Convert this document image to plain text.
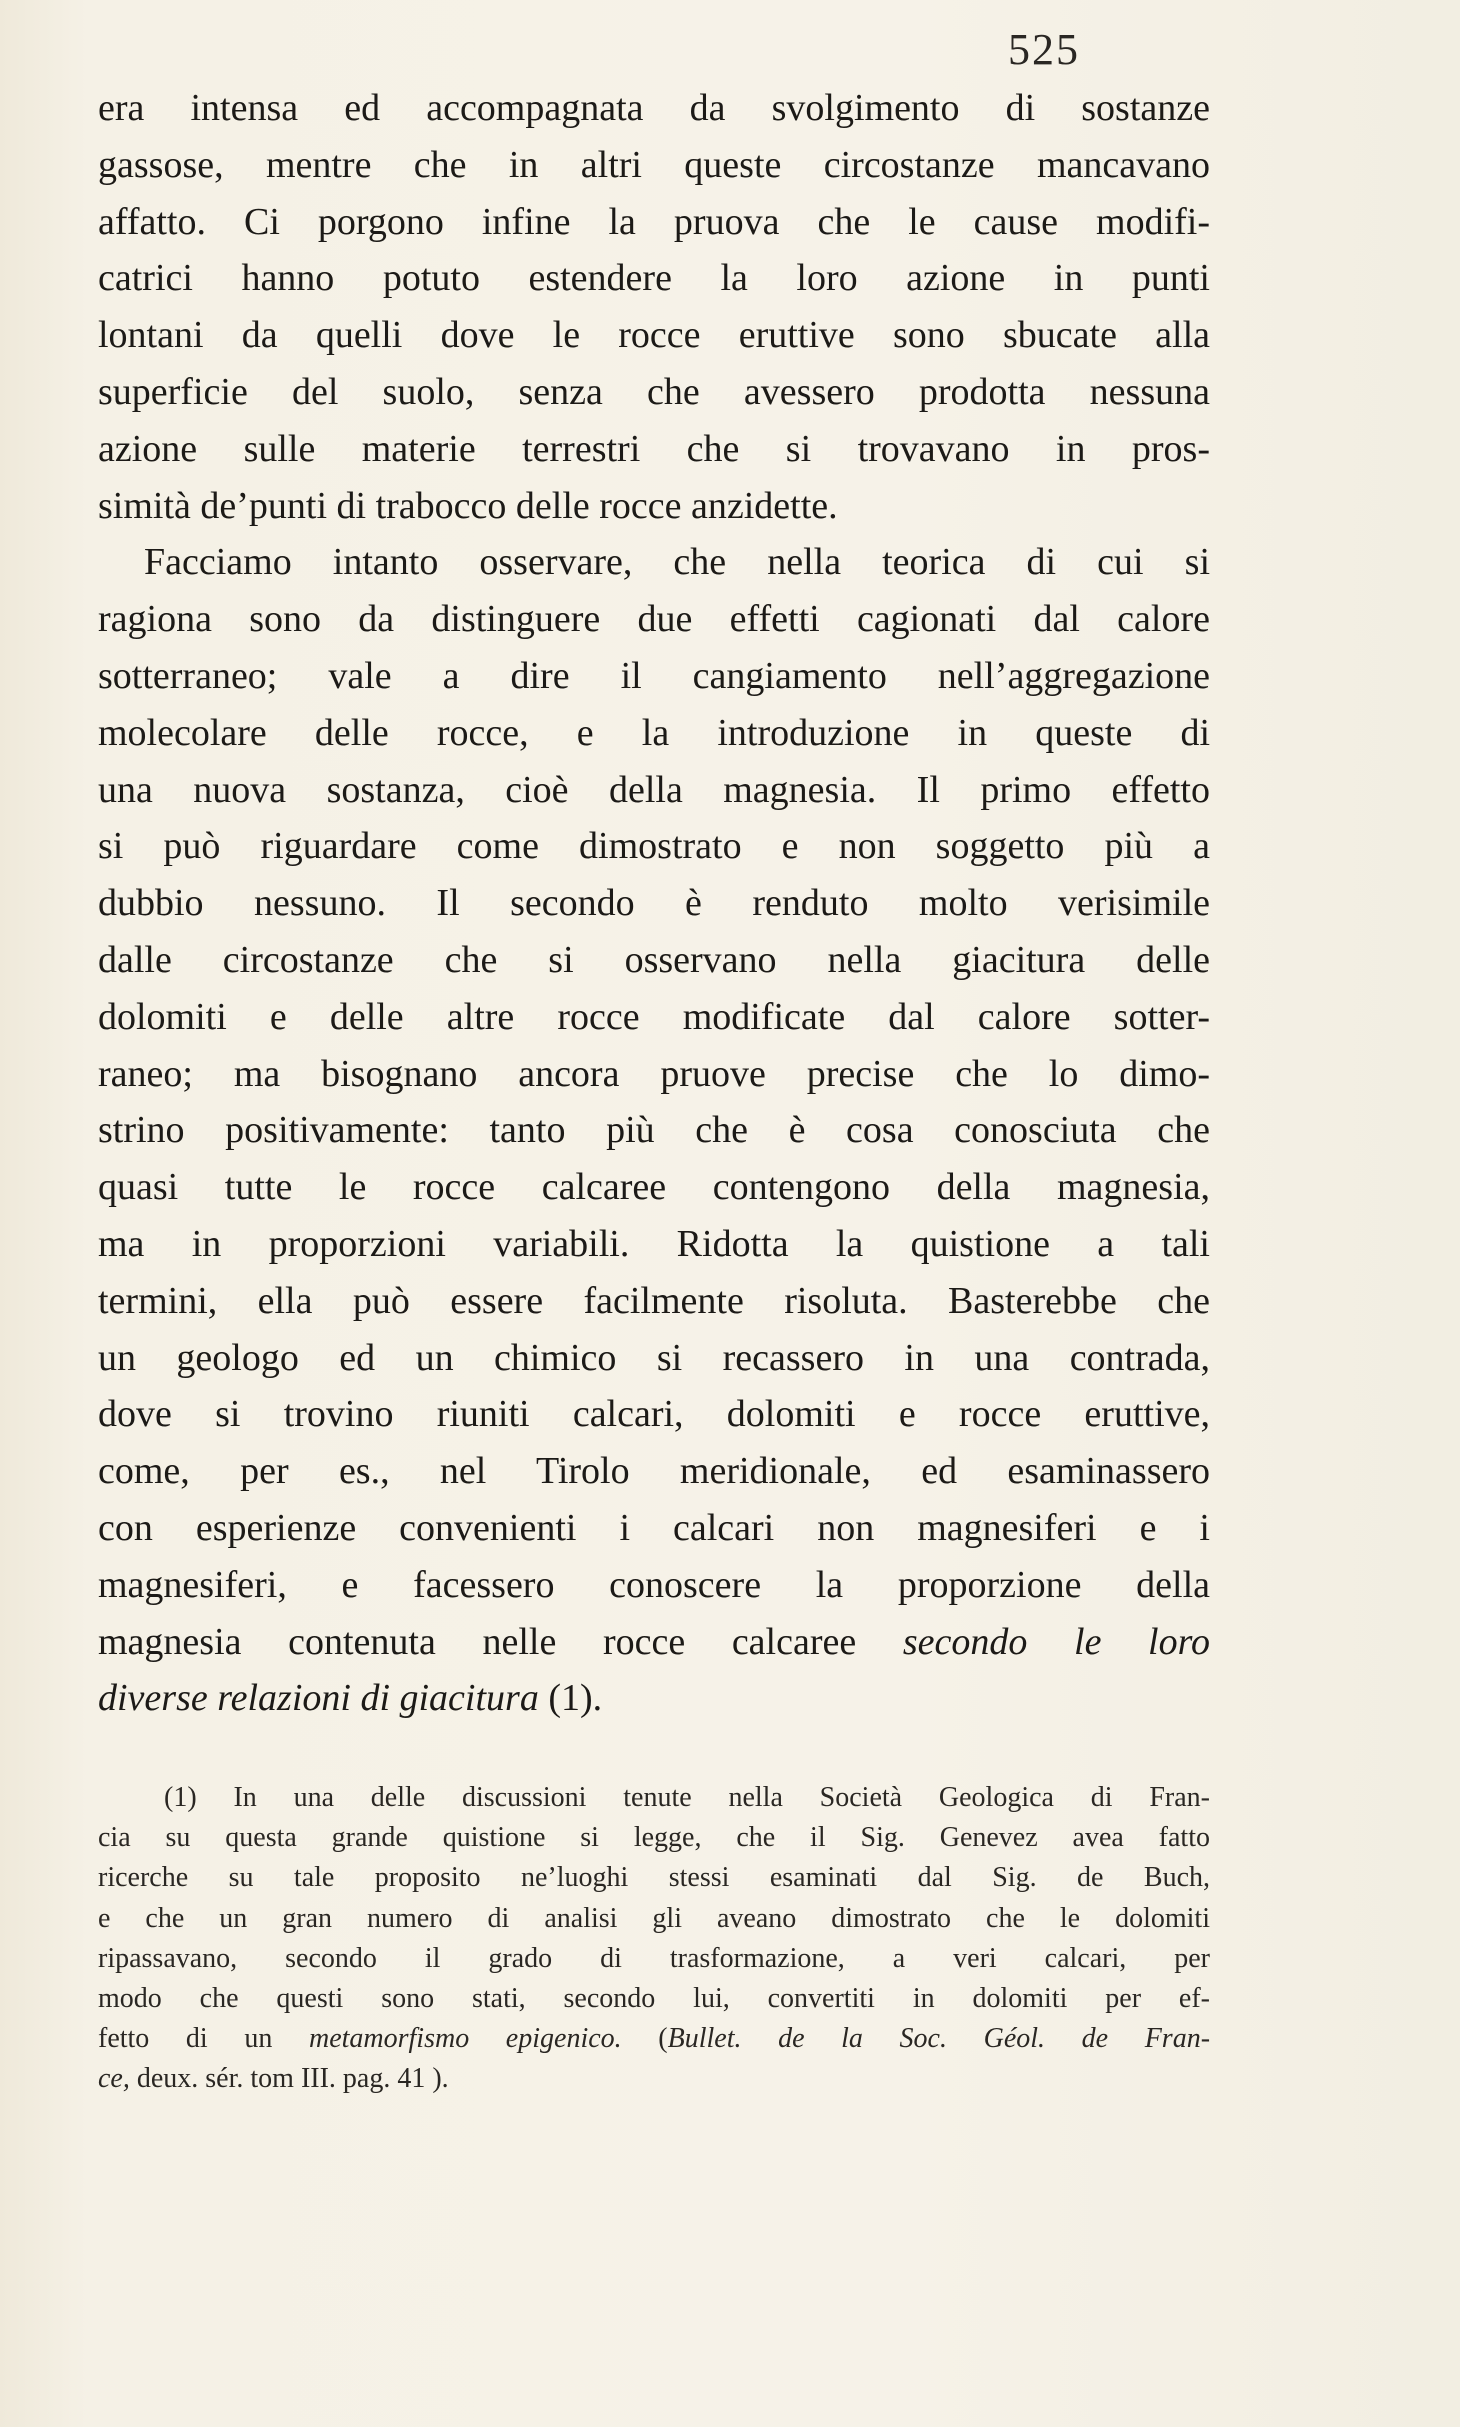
525
era intensa ed accompagnata da svolgimento di sostanze
gassose, mentre che in altri queste circostanze mancavano
affatto. Ci porgono infine la pruova che le cause modifi-
catrici hanno potuto estendere la loro azione in punti
lontani da quelli dove le rocce eruttive sono sbucate alla
superficie del suolo, senza che avessero prodotta nessuna
azione sulle materie terrestri che si trovavano in pros-
simità de’punti di trabocco delle rocce anzidette.
Facciamo intanto osservare, che nella teorica di cui si
ragiona sono da distinguere due effetti cagionati dal calore
sotterraneo; vale a dire il cangiamento nell’aggregazione
molecolare delle rocce, e la introduzione in queste di
una nuova sostanza, cioè della magnesia. Il primo effetto
si può riguardare come dimostrato e non soggetto più a
dubbio nessuno. Il secondo è renduto molto verisimile
dalle circostanze che si osservano nella giacitura delle
dolomiti e delle altre rocce modificate dal calore sotter-
raneo; ma bisognano ancora pruove precise che lo dimo-
strino positivamente: tanto più che è cosa conosciuta che
quasi tutte le rocce calcaree contengono della magnesia,
ma in proporzioni variabili. Ridotta la quistione a tali
termini, ella può essere facilmente risoluta. Basterebbe che
un geologo ed un chimico si recassero in una contrada,
dove si trovino riuniti calcari, dolomiti e rocce eruttive,
come, per es., nel Tirolo meridionale, ed esaminassero
con esperienze convenienti i calcari non magnesiferi e i
magnesiferi, e facessero conoscere la proporzione della
magnesia contenuta nelle rocce calcaree secondo le loro
diverse relazioni di giacitura (1).
(1) In una delle discussioni tenute nella Società Geologica di Fran-
cia su questa grande quistione si legge, che il Sig. Genevez avea fatto
ricerche su tale proposito ne’luoghi stessi esaminati dal Sig. de Buch,
e che un gran numero di analisi gli aveano dimostrato che le dolomiti
ripassavano, secondo il grado di trasformazione, a veri calcari, per
modo che questi sono stati, secondo lui, convertiti in dolomiti per ef-
fetto di un metamorfismo epigenico. (Bullet. de la Soc. Géol. de Fran-
ce, deux. sér. tom III. pag. 41 ).
